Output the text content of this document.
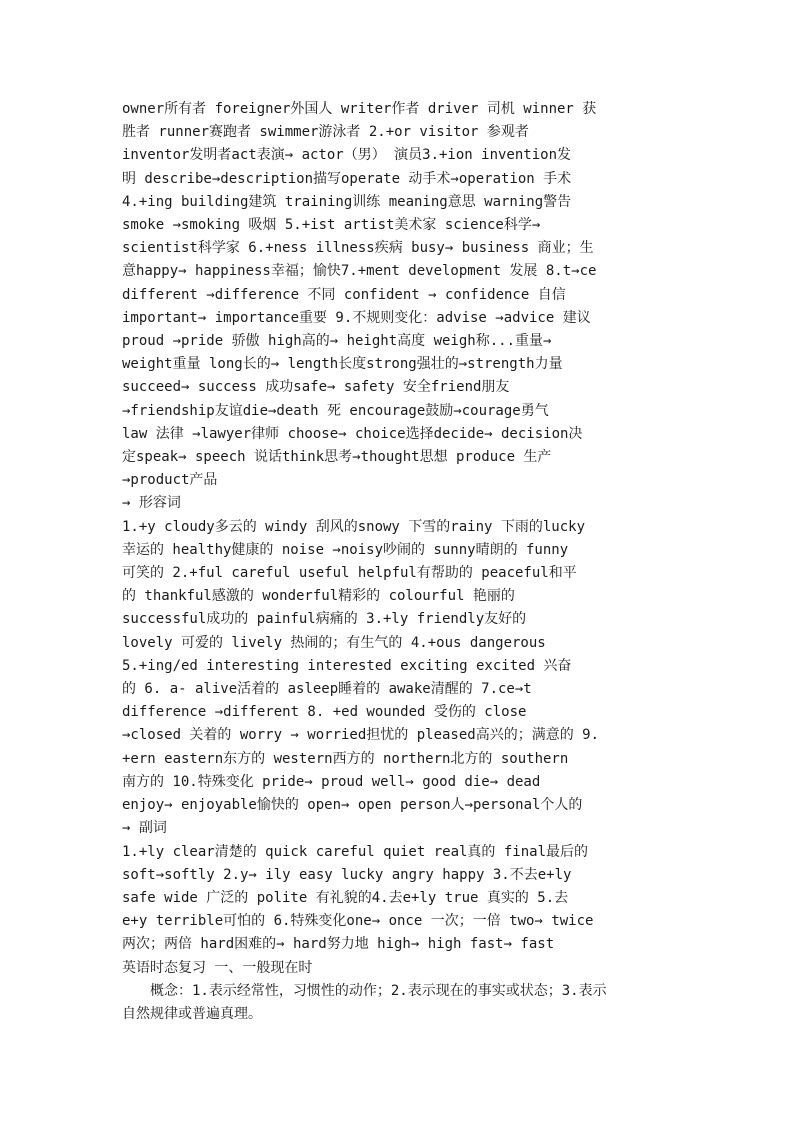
owner所有者 foreigner外国人 writer作者 driver 司机 winner 获
胜者 runner赛跑者 swimmer游泳者 2.+or visitor 参观者
inventor发明者act表演→ actor（男） 演员3.+ion invention发
明 describe→description描写operate 动手术→operation 手术
4.+ing building建筑 training训练 meaning意思 warning警告
smoke →smoking 吸烟 5.+ist artist美术家 science科学→
scientist科学家 6.+ness illness疾病 busy→ business 商业；生
意happy→ happiness幸福；愉快7.+ment development 发展 8.t→ce
different →difference 不同 confident → confidence 自信
important→ importance重要 9.不规则变化：advise →advice 建议
proud →pride 骄傲 high高的→ height高度 weigh称...重量→
weight重量 long长的→ length长度strong强壮的→strength力量
succeed→ success 成功safe→ safety 安全friend朋友
→friendship友谊die→death 死 encourage鼓励→courage勇气
law 法律 →lawyer律师 choose→ choice选择decide→ decision决
定speak→ speech 说话think思考→thought思想 produce 生产
→product产品
→ 形容词
1.+y cloudy多云的 windy 刮风的snowy 下雪的rainy 下雨的lucky
幸运的 healthy健康的 noise →noisy吵闹的 sunny晴朗的 funny
可笑的 2.+ful careful useful helpful有帮助的 peaceful和平
的 thankful感激的 wonderful精彩的 colourful 艳丽的
successful成功的 painful病痛的 3.+ly friendly友好的
lovely 可爱的 lively 热闹的；有生气的 4.+ous dangerous
5.+ing/ed interesting interested exciting excited 兴奋
的 6. a- alive活着的 asleep睡着的 awake清醒的 7.ce→t
difference →different 8. +ed wounded 受伤的 close
→closed 关着的 worry → worried担忧的 pleased高兴的；满意的 9.
+ern eastern东方的 western西方的 northern北方的 southern
南方的 10.特殊变化 pride→ proud well→ good die→ dead
enjoy→ enjoyable愉快的 open→ open person人→personal个人的
→ 副词
1.+ly clear清楚的 quick careful quiet real真的 final最后的
soft→softly 2.y→ ily easy lucky angry happy 3.不去e+ly
safe wide 广泛的 polite 有礼貌的4.去e+ly true 真实的 5.去
e+y terrible可怕的 6.特殊变化one→ once 一次；一倍 two→ twice
两次；两倍 hard困难的→ hard努力地 high→ high fast→ fast
英语时态复习 一、一般现在时
概念：1.表示经常性，习惯性的动作；2.表示现在的事实或状态；3.表示
自然规律或普遍真理。
